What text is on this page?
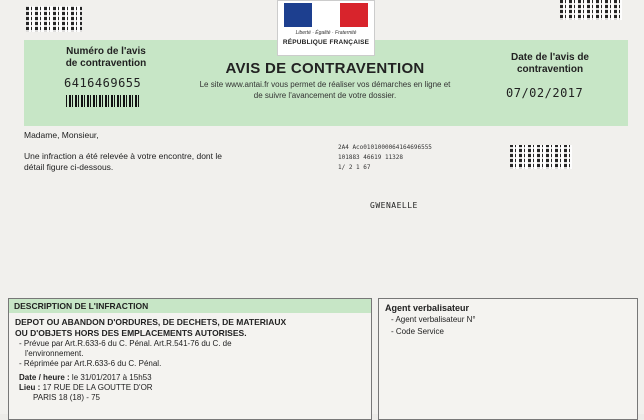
Liberté · Égalité · Fraternité
RÉPUBLIQUE FRANÇAISE
Numéro de l'avis
de contravention
6416469655
AVIS DE CONTRAVENTION
Le site www.antai.fr vous permet de réaliser vos démarches en ligne et
de suivre l'avancement de votre dossier.
Date de l'avis de
contravention
07/02/2017
Madame, Monsieur,
Une infraction a été relevée à votre encontre, dont le
détail figure ci-dessous.
2A4 Aco0101000064164696555
101883 46619 11328
1/ 2 1 67
GWENAELLE
DESCRIPTION DE L'INFRACTION
DEPOT OU ABANDON D'ORDURES, DE DECHETS, DE MATERIAUX
OU D'OBJETS HORS DES EMPLACEMENTS AUTORISES.
- Prévue par Art.R.633-6 du C. Pénal. Art.R.541-76 du C. de
l'environnement.
- Réprimée par Art.R.633-6 du C. Pénal.
Date / heure : le 31/01/2017 à 15h53
Lieu : 17 RUE DE LA GOUTTE D'OR
PARIS 18 (18) - 75
Agent verbalisateur
- Agent verbalisateur N°
- Code Service
